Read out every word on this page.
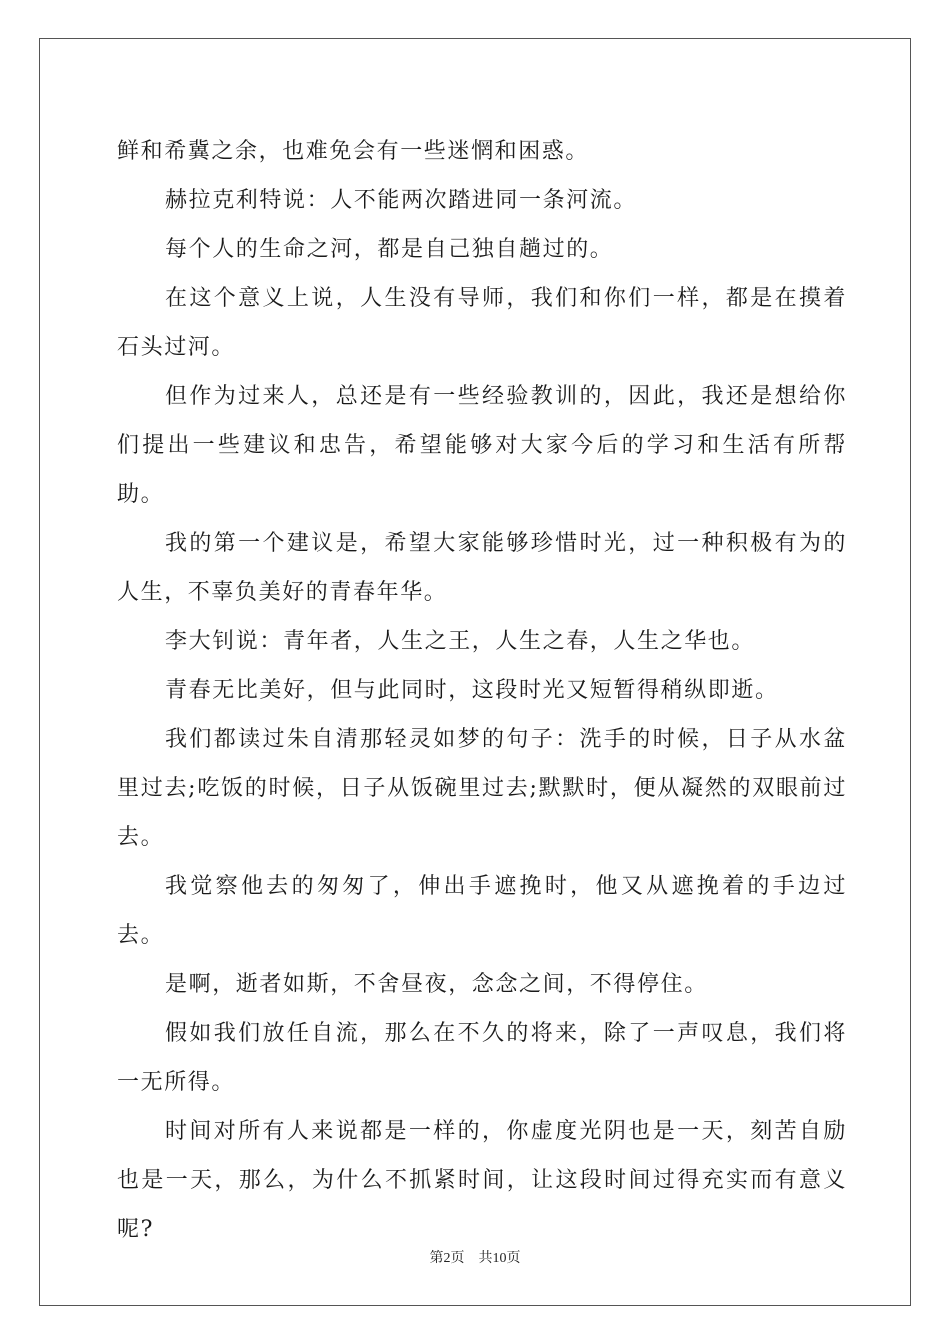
鲜和希冀之余，也难免会有一些迷惘和困惑。

赫拉克利特说：人不能两次踏进同一条河流。

每个人的生命之河，都是自己独自趟过的。

在这个意义上说，人生没有导师，我们和你们一样，都是在摸着石头过河。

但作为过来人，总还是有一些经验教训的，因此，我还是想给你们提出一些建议和忠告，希望能够对大家今后的学习和生活有所帮助。

我的第一个建议是，希望大家能够珍惜时光，过一种积极有为的人生，不辜负美好的青春年华。

李大钊说：青年者，人生之王，人生之春，人生之华也。

青春无比美好，但与此同时，这段时光又短暂得稍纵即逝。

我们都读过朱自清那轻灵如梦的句子：洗手的时候，日子从水盆里过去;吃饭的时候，日子从饭碗里过去;默默时，便从凝然的双眼前过去。

我觉察他去的匆匆了，伸出手遮挽时，他又从遮挽着的手边过去。

是啊，逝者如斯，不舍昼夜，念念之间，不得停住。

假如我们放任自流，那么在不久的将来，除了一声叹息，我们将一无所得。

时间对所有人来说都是一样的，你虚度光阴也是一天，刻苦自励也是一天，那么，为什么不抓紧时间，让这段时间过得充实而有意义呢?

第2页 共10页
